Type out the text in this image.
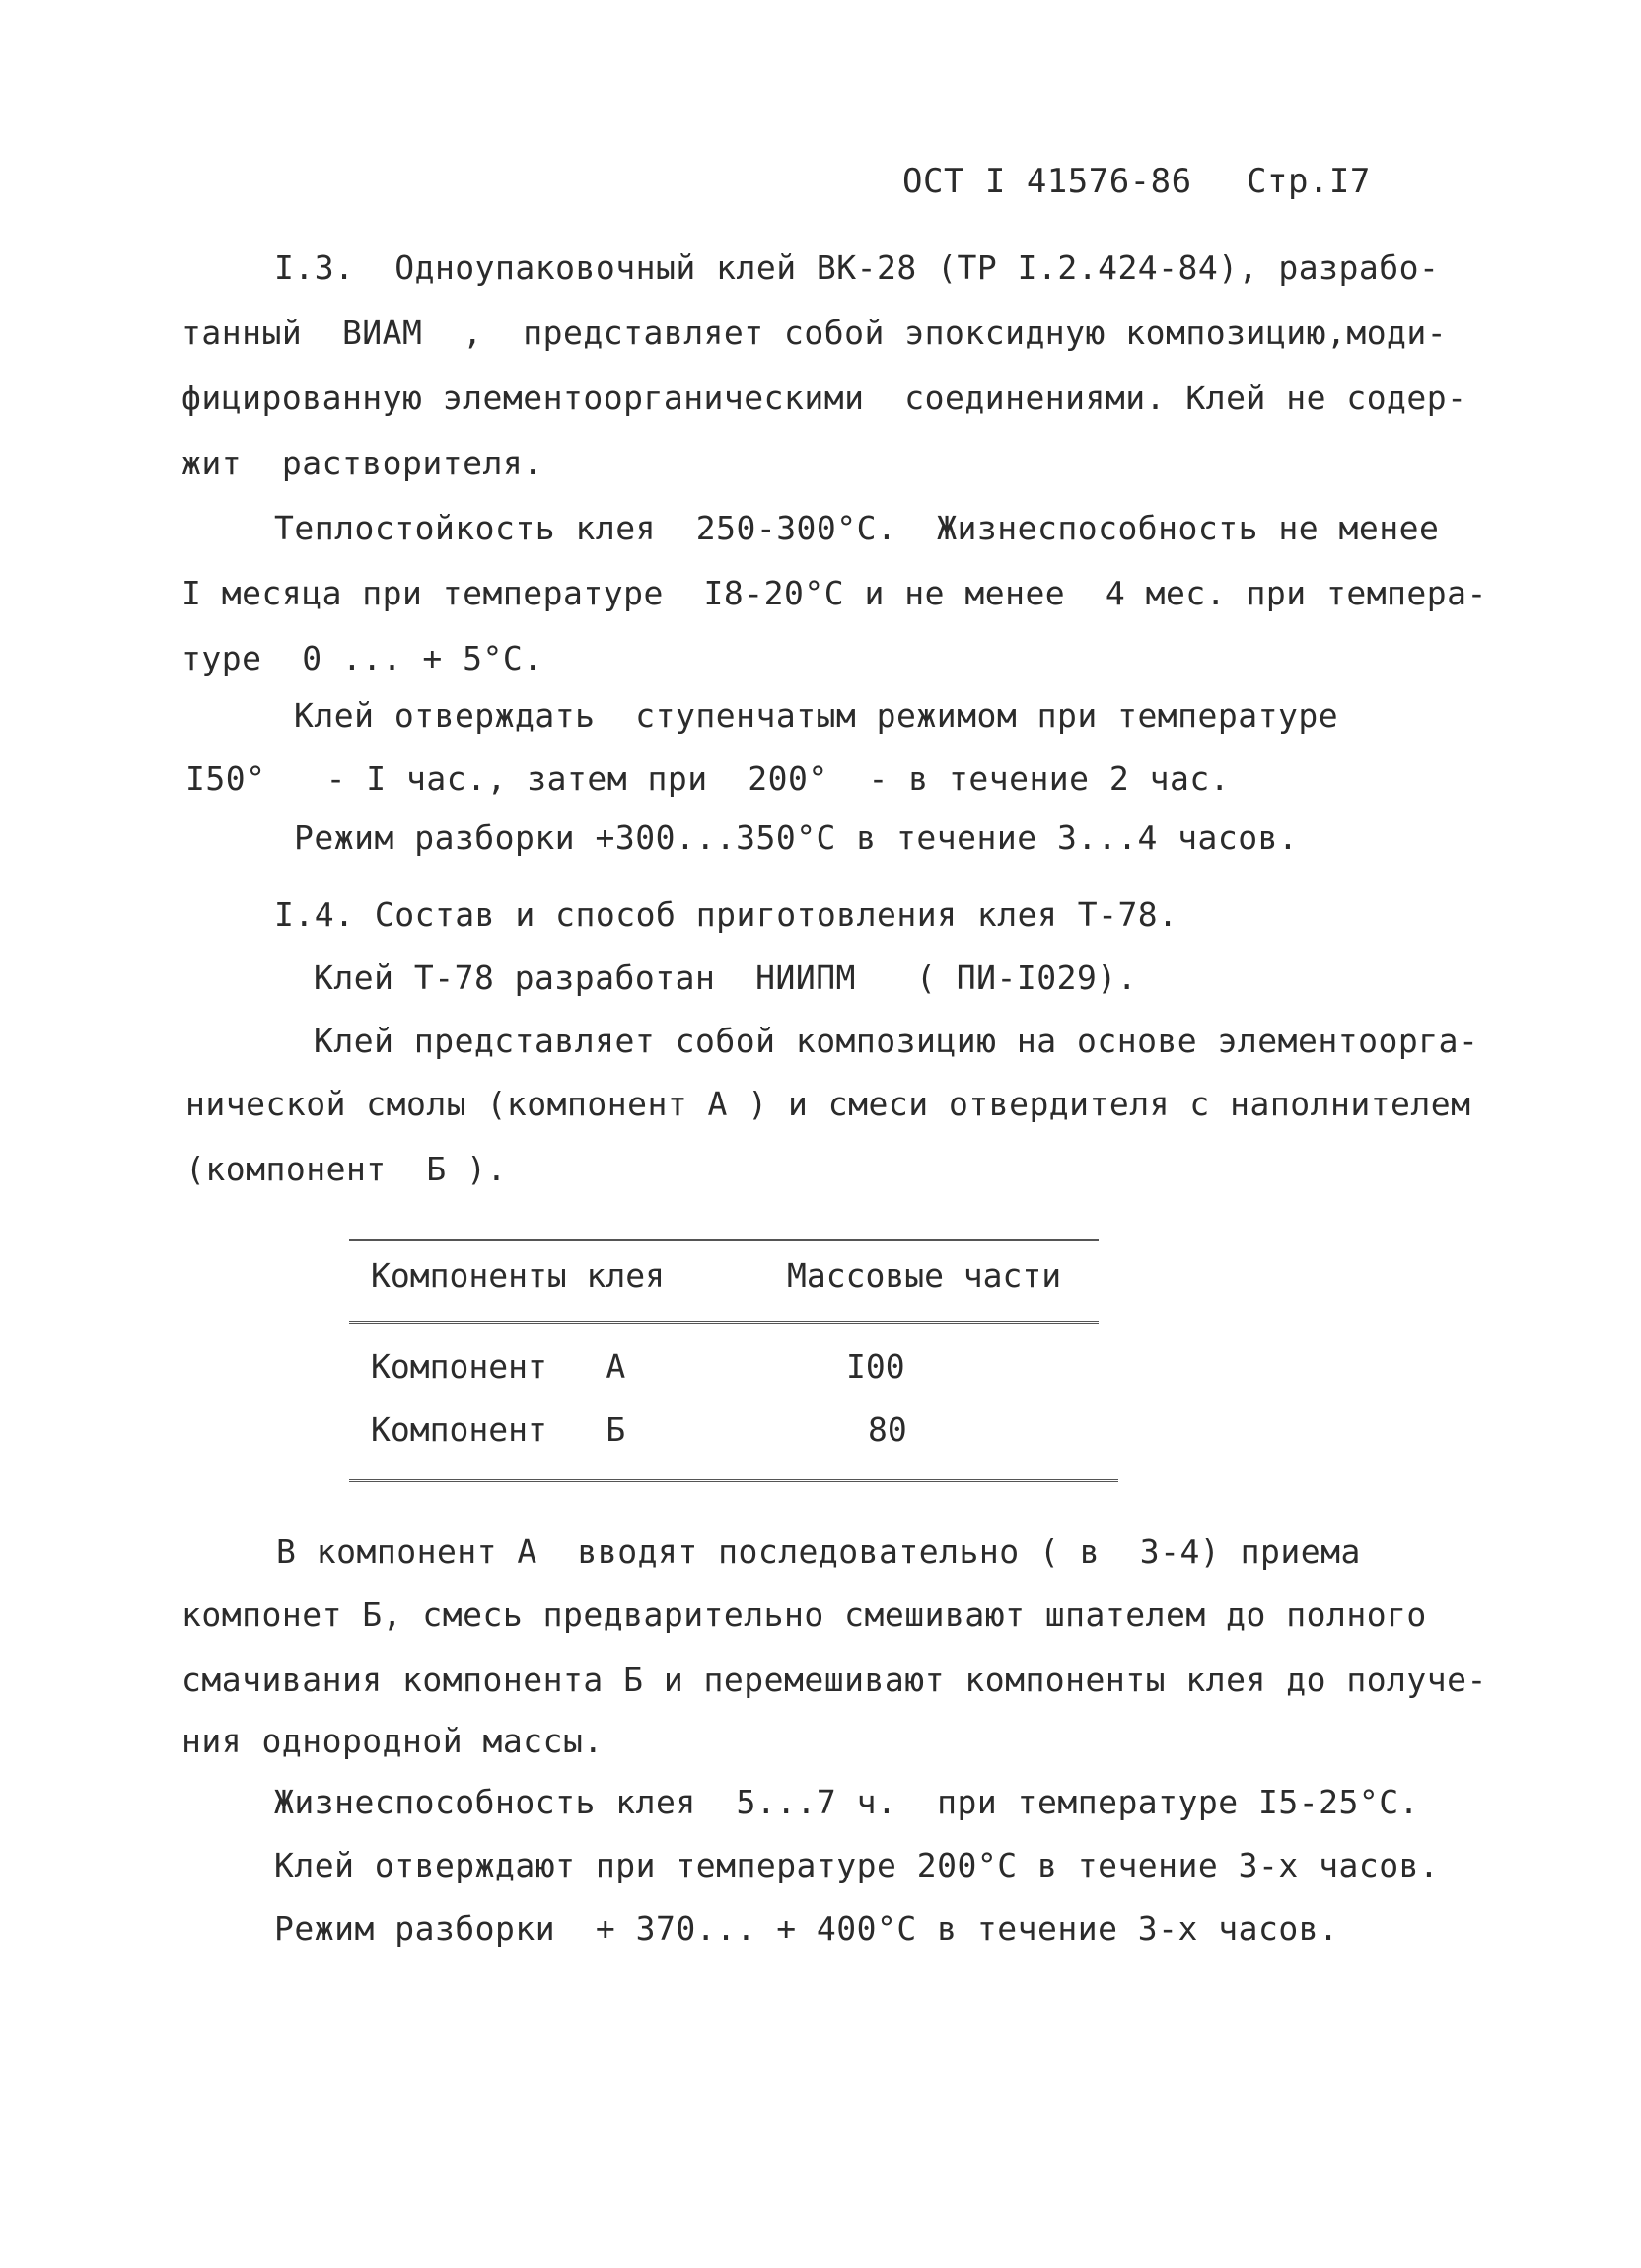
ОСТ I 41576-86 Стр.I7
I.3.  Одноупаковочный клей ВК-28 (ТР I.2.424-84), разрабо-
танный  ВИАМ  ,  представляет собой эпоксидную композицию,моди-
фицированную элементоорганическими  соединениями. Клей не содер-
жит  растворителя.
Теплостойкость клея  250-300°С.  Жизнеспособность не менее
I месяца при температуре  I8-20°С и не менее  4 мес. при темпера-
туре  0 ... + 5°С.
Клей отверждать  ступенчатым режимом при температуре
I50°   - I час., затем при  200°  - в течение 2 час.
Режим разборки +300...350°С в течение 3...4 часов.
I.4. Состав и способ приготовления клея Т-78.
Клей Т-78 разработан  НИИПМ   ( ПИ-I029).
Клей представляет собой композицию на основе элементоорга-
нической смолы (компонент А ) и смеси отвердителя с наполнителем
(компонент  Б ).
Компоненты клея	Массовые части
Компонент   А	I00
Компонент   Б	80
В компонент А  вводят последовательно ( в  3-4) приема
компонет Б, смесь предварительно смешивают шпателем до полного
смачивания компонента Б и перемешивают компоненты клея до получе-
ния однородной массы.
Жизнеспособность клея  5...7 ч.  при температуре I5-25°С.
Клей отверждают при температуре 200°С в течение 3-х часов.
Режим разборки  + 370... + 400°С в течение 3-х часов.
